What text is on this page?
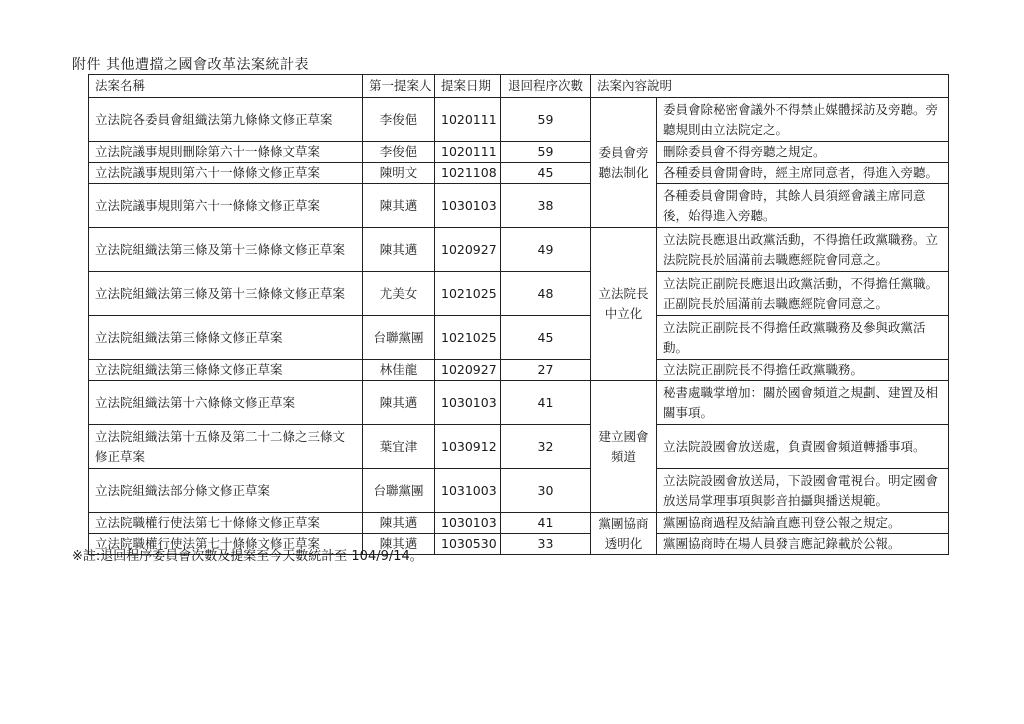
附件 其他遭擋之國會改革法案統計表
法案名稱	第一提案人	提案日期	退回程序次數	法案內容說明	
立法院各委員會組織法第九條條文修正草案	李俊俋	1020111	59	委員會旁聽法制化	委員會除秘密會議外不得禁止媒體採訪及旁聽。旁聽規則由立法院定之。
立法院議事規則刪除第六十一條條文草案	李俊俋	1020111	59		刪除委員會不得旁聽之規定。
立法院議事規則第六十一條條文修正草案	陳明文	1021108	45		各種委員會開會時，經主席同意者，得進入旁聽。
立法院議事規則第六十一條條文修正草案	陳其邁	1030103	38		各種委員會開會時，其餘人員須經會議主席同意後，始得進入旁聽。
立法院組織法第三條及第十三條條文修正草案	陳其邁	1020927	49	立法院長中立化	立法院長應退出政黨活動，不得擔任政黨職務。立法院院長於屆滿前去職應經院會同意之。
立法院組織法第三條及第十三條條文修正草案	尤美女	1021025	48		立法院正副院長應退出政黨活動，不得擔任黨職。正副院長於屆滿前去職應經院會同意之。
立法院組織法第三條條文修正草案	台聯黨團	1021025	45		立法院正副院長不得擔任政黨職務及參與政黨活動。
立法院組織法第三條條文修正草案	林佳龍	1020927	27		立法院正副院長不得擔任政黨職務。
立法院組織法第十六條條文修正草案	陳其邁	1030103	41	建立國會頻道	秘書處職掌增加：關於國會頻道之規劃、建置及相關事項。
立法院組織法第十五條及第二十二條之三條文修正草案	葉宜津	1030912	32		立法院設國會放送處，負責國會頻道轉播事項。
立法院組織法部分條文修正草案	台聯黨團	1031003	30		立法院設國會放送局，下設國會電視台。明定國會放送局掌理事項與影音拍攝與播送規範。
立法院職權行使法第七十條條文修正草案	陳其邁	1030103	41	黨團協商透明化	黨團協商過程及結論直應刊登公報之規定。
立法院職權行使法第七十條條文修正草案	陳其邁	1030530	33		黨團協商時在場人員發言應記錄載於公報。
※註:退回程序委員會次數及提案至今天數統計至 104/9/14。
